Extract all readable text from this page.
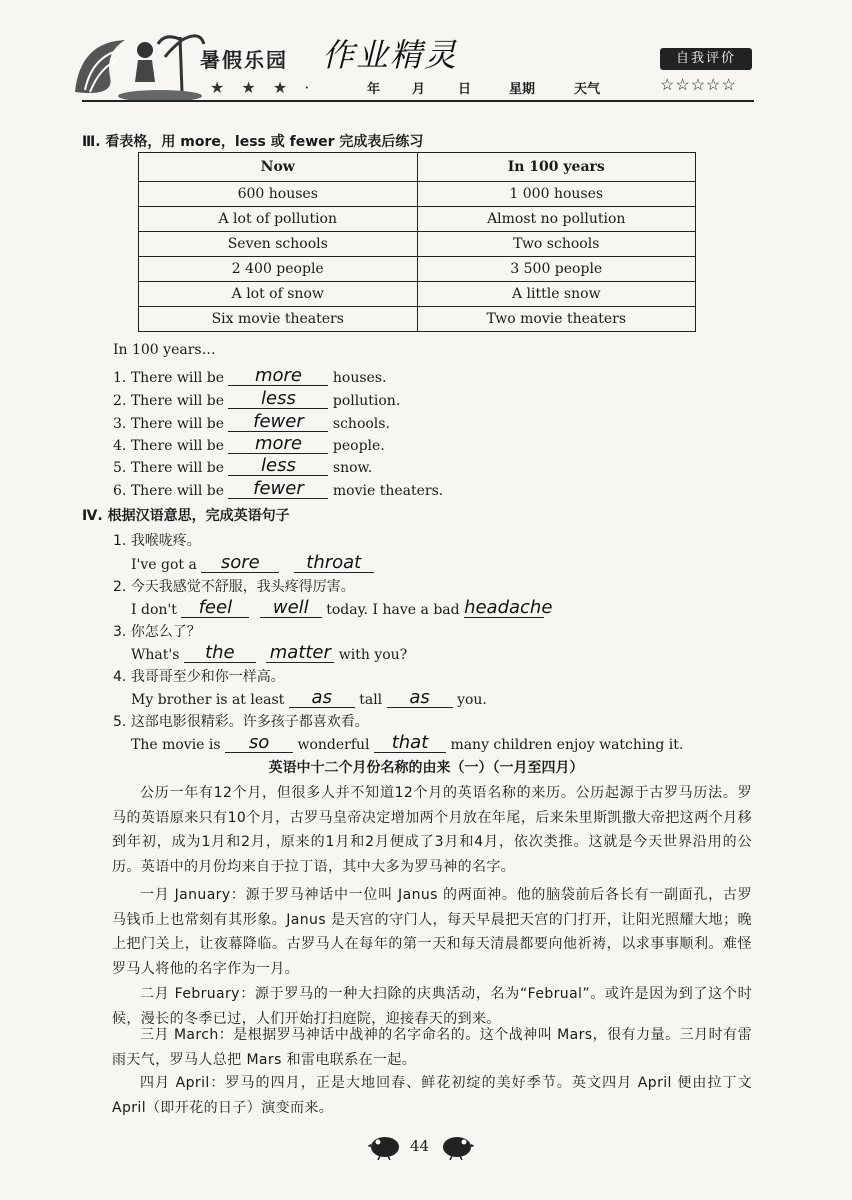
暑假乐园
★ ★ ★ ·
作业精灵
年 月	日	星期	天气
自我评价
☆☆☆☆☆
Ⅲ. 看表格，用 more，less 或 fewer 完成表后练习
Now	In 100 years
600 houses	1 000 houses
A lot of pollution	Almost no pollution
Seven schools	Two schools
2 400 people	3 500 people
A lot of snow	A little snow
Six movie theaters	Two movie theaters
In 100 years…
1. There will be more houses.
2. There will be less	pollution.
3. There will be fewer schools.
4. There will be more people.
5. There will be less	snow.
6. There will be fewer movie theaters.
Ⅳ. 根据汉语意思，完成英语句子
1. 我喉咙疼。
I've got a sore	throat
2. 今天我感觉不舒服，我头疼得厉害。
I don't feel well today. I have a bad headache
3. 你怎么了？
What's the matter with you?
4. 我哥哥至少和你一样高。
My brother is at least as tall as you.
5. 这部电影很精彩。许多孩子都喜欢看。
The movie is so wonderful that many children enjoy watching it.
英语中十二个月份名称的由来（一）（一月至四月）
公历一年有12个月，但很多人并不知道12个月的英语名称的来历。公历起源于古罗马历法。罗马的英语原来只有10个月，古罗马皇帝决定增加两个月放在年尾，后来朱里斯凯撒大帝把这两个月移到年初，成为1月和2月，原来的1月和2月便成了3月和4月，依次类推。这就是今天世界沿用的公历。英语中的月份均来自于拉丁语，其中大多为罗马神的名字。
一月 January：源于罗马神话中一位叫 Janus 的两面神。他的脑袋前后各长有一副面孔，古罗马钱币上也常刻有其形象。Janus 是天宫的守门人，每天早晨把天宫的门打开，让阳光照耀大地；晚上把门关上，让夜幕降临。古罗马人在每年的第一天和每天清晨都要向他祈祷，以求事事顺利。难怪罗马人将他的名字作为一月。
二月 February：源于罗马的一种大扫除的庆典活动，名为“Februal”。或许是因为到了这个时候，漫长的冬季已过，人们开始打扫庭院，迎接春天的到来。
三月 March：是根据罗马神话中战神的名字命名的。这个战神叫 Mars，很有力量。三月时有雷雨天气，罗马人总把 Mars 和雷电联系在一起。
四月 April：罗马的四月，正是大地回春、鲜花初绽的美好季节。英文四月 April 便由拉丁文 April（即开花的日子）演变而来。
44
